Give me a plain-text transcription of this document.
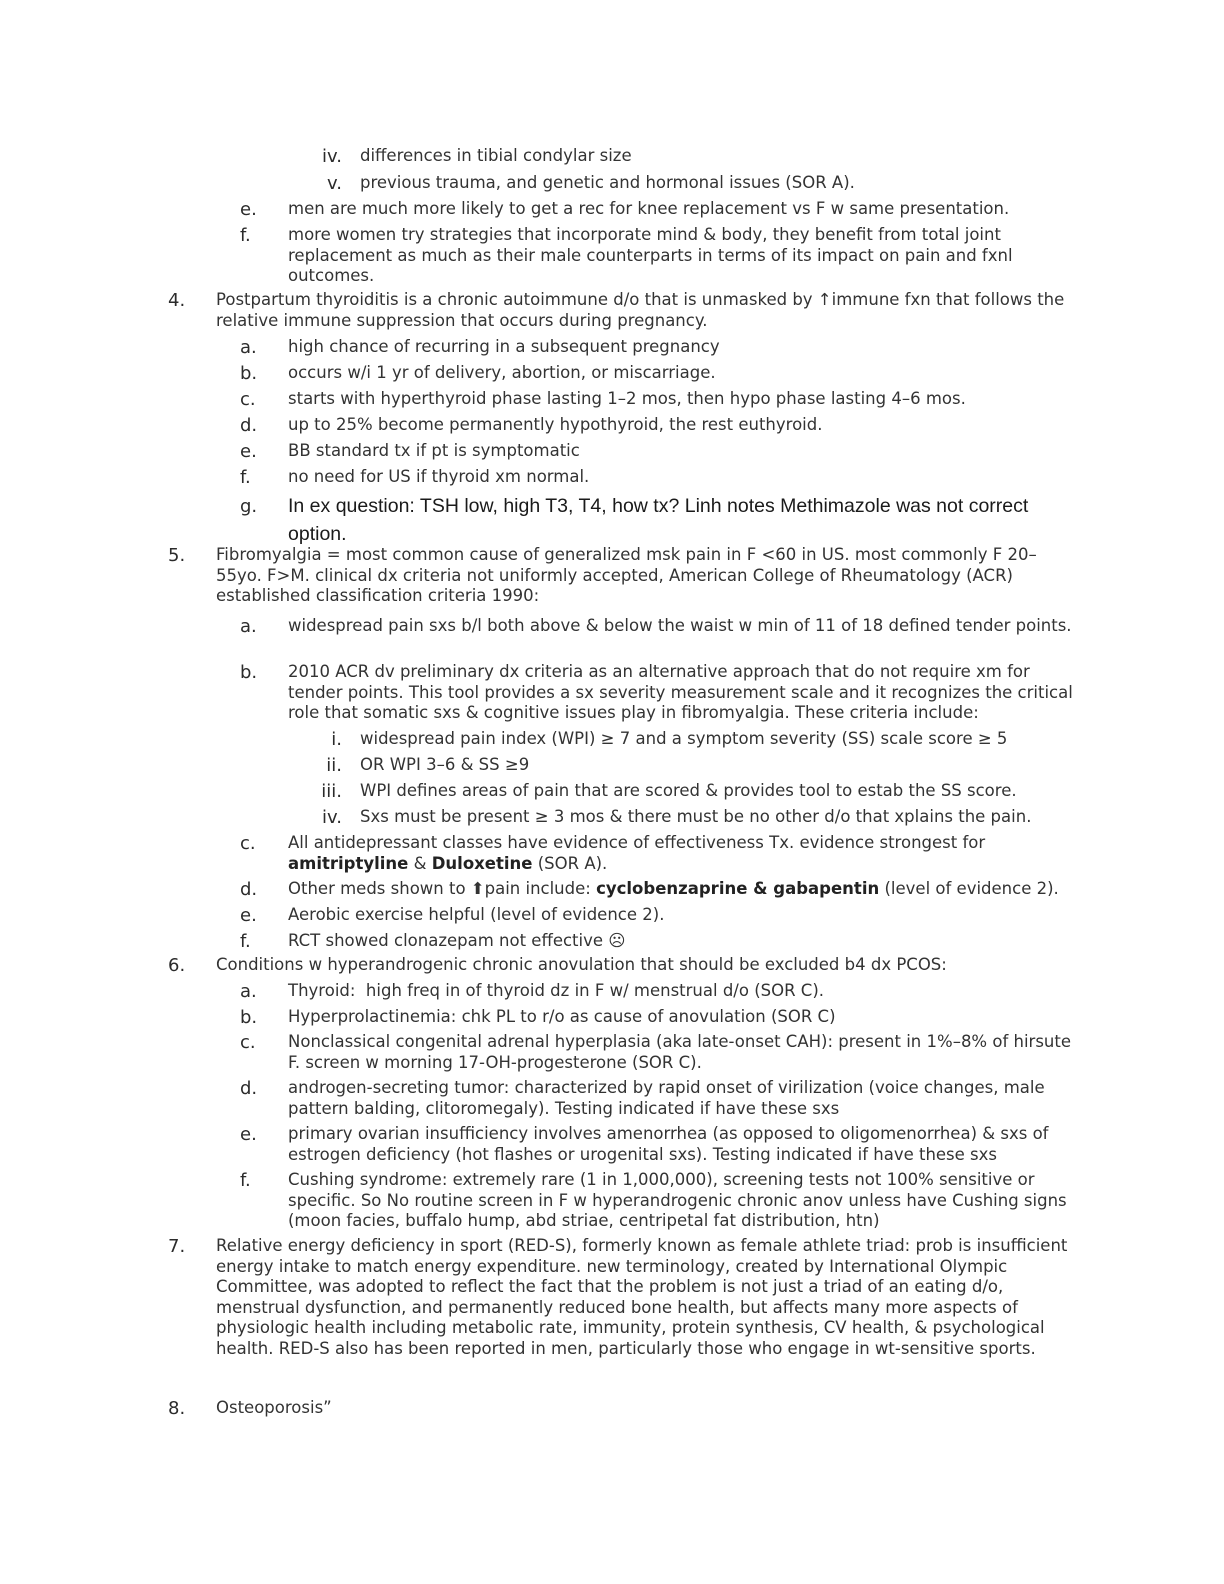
iv. differences in tibial condylar size
v. previous trauma, and genetic and hormonal issues (SOR A).
e.	men are much more likely to get a rec for knee replacement vs F w same presentation.
f.	more women try strategies that incorporate mind & body, they benefit from total joint replacement as much as their male counterparts in terms of its impact on pain and fxnl outcomes.
4.	Postpartum thyroiditis is a chronic autoimmune d/o that is unmasked by ↑immune fxn that follows the relative immune suppression that occurs during pregnancy.
a.	high chance of recurring in a subsequent pregnancy
b.	occurs w/i 1 yr of delivery, abortion, or miscarriage.
c.	starts with hyperthyroid phase lasting 1–2 mos, then hypo phase lasting 4–6 mos.
d.	up to 25% become permanently hypothyroid, the rest euthyroid.
e.	BB standard tx if pt is symptomatic
f.	no need for US if thyroid xm normal.
g.	In ex question: TSH low, high T3, T4, how tx? Linh notes Methimazole was not correct option.
5.	Fibromyalgia = most common cause of generalized msk pain in F <60 in US. most commonly F 20–55yo. F>M. clinical dx criteria not uniformly accepted, American College of Rheumatology (ACR) established classification criteria 1990:
a.	widespread pain sxs b/l both above & below the waist w min of 11 of 18 defined tender points.
b.	2010 ACR dv preliminary dx criteria as an alternative approach that do not require xm for tender points. This tool provides a sx severity measurement scale and it recognizes the critical role that somatic sxs & cognitive issues play in fibromyalgia. These criteria include:
i. widespread pain index (WPI) ≥ 7 and a symptom severity (SS) scale score ≥ 5
ii. OR WPI 3–6 & SS ≥9
iii. WPI defines areas of pain that are scored & provides tool to estab the SS score.
iv. Sxs must be present ≥ 3 mos & there must be no other d/o that xplains the pain.
c.	All antidepressant classes have evidence of effectiveness Tx. evidence strongest for amitriptyline & Duloxetine (SOR A).
d.	Other meds shown to ⬆pain include: cyclobenzaprine & gabapentin (level of evidence 2).
e.	Aerobic exercise helpful (level of evidence 2).
f.	RCT showed clonazepam not effective ☹
6.	Conditions w hyperandrogenic chronic anovulation that should be excluded b4 dx PCOS:
a.	Thyroid:  high freq in of thyroid dz in F w/ menstrual d/o (SOR C).
b.	Hyperprolactinemia: chk PL to r/o as cause of anovulation (SOR C)
c.	Nonclassical congenital adrenal hyperplasia (aka late-onset CAH): present in 1%–8% of hirsute F. screen w morning 17-OH-progesterone (SOR C).
d.	androgen-secreting tumor: characterized by rapid onset of virilization (voice changes, male pattern balding, clitoromegaly). Testing indicated if have these sxs
e.	primary ovarian insufficiency involves amenorrhea (as opposed to oligomenorrhea) & sxs of estrogen deficiency (hot flashes or urogenital sxs). Testing indicated if have these sxs
f.	Cushing syndrome: extremely rare (1 in 1,000,000), screening tests not 100% sensitive or specific. So No routine screen in F w hyperandrogenic chronic anov unless have Cushing signs (moon facies, buffalo hump, abd striae, centripetal fat distribution, htn)
7.	Relative energy deficiency in sport (RED-S), formerly known as female athlete triad: prob is insufficient energy intake to match energy expenditure. new terminology, created by International Olympic Committee, was adopted to reflect the fact that the problem is not just a triad of an eating d/o, menstrual dysfunction, and permanently reduced bone health, but affects many more aspects of physiologic health including metabolic rate, immunity, protein synthesis, CV health, & psychological health. RED-S also has been reported in men, particularly those who engage in wt-sensitive sports.
8.	Osteoporosis”
